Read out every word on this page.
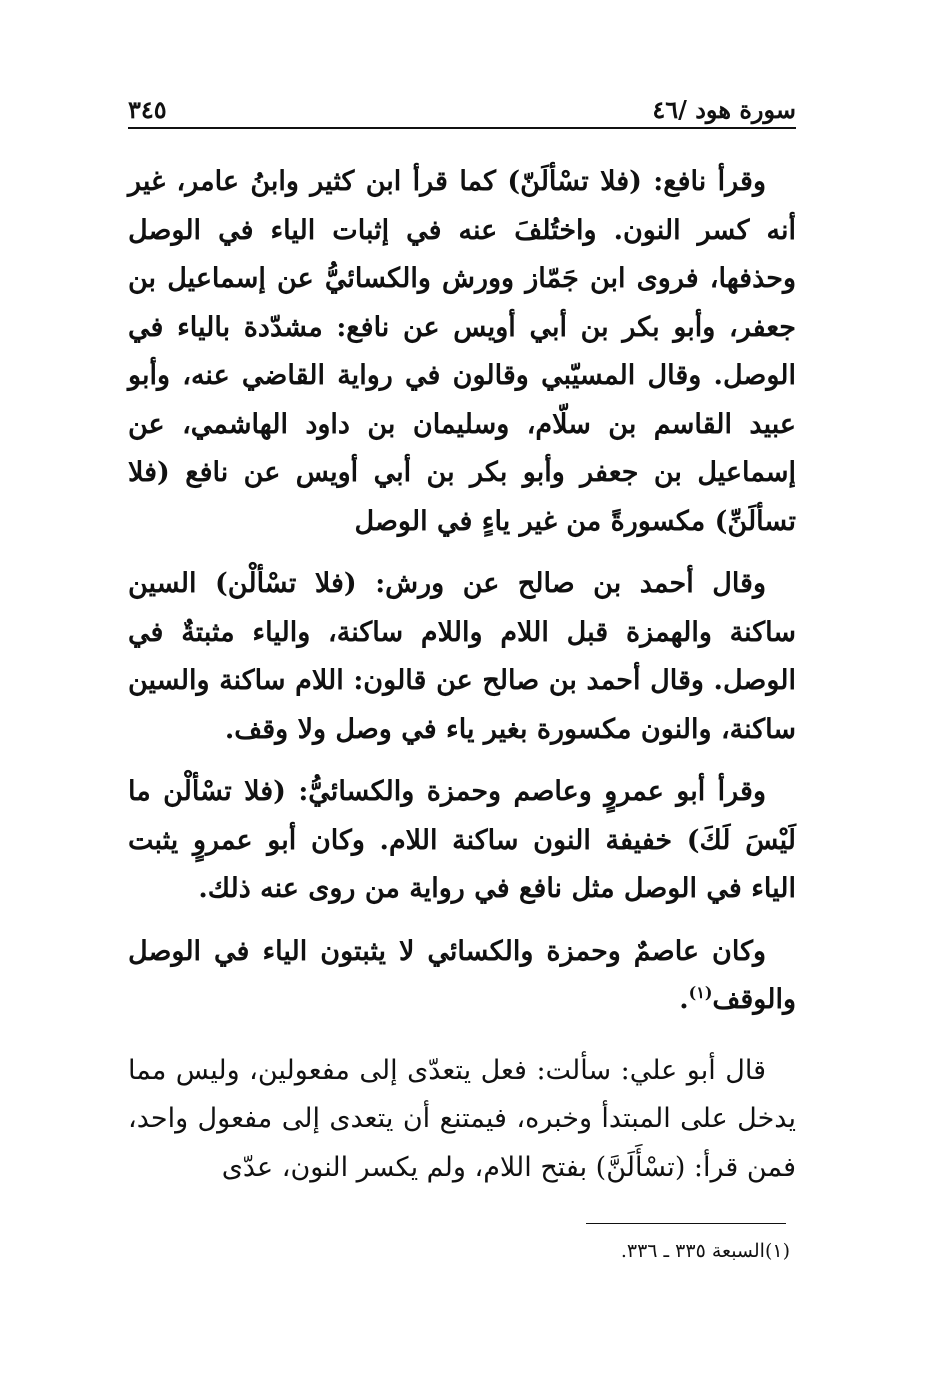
سورة هود /٤٦
٣٤٥

وقرأ نافع: (فلا تسْألَنّ) كما قرأ ابن كثير وابنُ عامر، غير أنه كسر النون. واختُلفَ عنه في إثبات الياء في الوصل وحذفها، فروى ابن جَمّاز وورش والكسائيُّ عن إسماعيل بن جعفر، وأبو بكر بن أبي أويس عن نافع: مشدّدة بالياء في الوصل. وقال المسيّبي وقالون في رواية القاضي عنه، وأبو عبيد القاسم بن سلّام، وسليمان بن داود الهاشمي، عن إسماعيل بن جعفر وأبو بكر بن أبي أويس عن نافع (فلا تسألَنِّ) مكسورةً من غير ياءٍ في الوصل

وقال أحمد بن صالح عن ورش: (فلا تسْألْن) السين ساكنة والهمزة قبل اللام واللام ساكنة، والياء مثبتةٌ في الوصل. وقال أحمد بن صالح عن قالون: اللام ساكنة والسين ساكنة، والنون مكسورة بغير ياء في وصل ولا وقف.

وقرأ أبو عمروٍ وعاصم وحمزة والكسائيُّ: (فلا تسْألْن ما لَيْسَ لَكَ) خفيفة النون ساكنة اللام. وكان أبو عمروٍ يثبت الياء في الوصل مثل نافع في رواية من روى عنه ذلك.

وكان عاصمٌ وحمزة والكسائي لا يثبتون الياء في الوصل والوقف$^{(١)}$.

قال أبو علي: سألت: فعل يتعدّى إلى مفعولين، وليس مما يدخل على المبتدأ وخبره، فيمتنع أن يتعدى إلى مفعول واحد، فمن قرأ: (تسْأَلَنَّ) بفتح اللام، ولم يكسر النون، عدّى

(١)السبعة ٣٣٥ ـ ٣٣٦.
